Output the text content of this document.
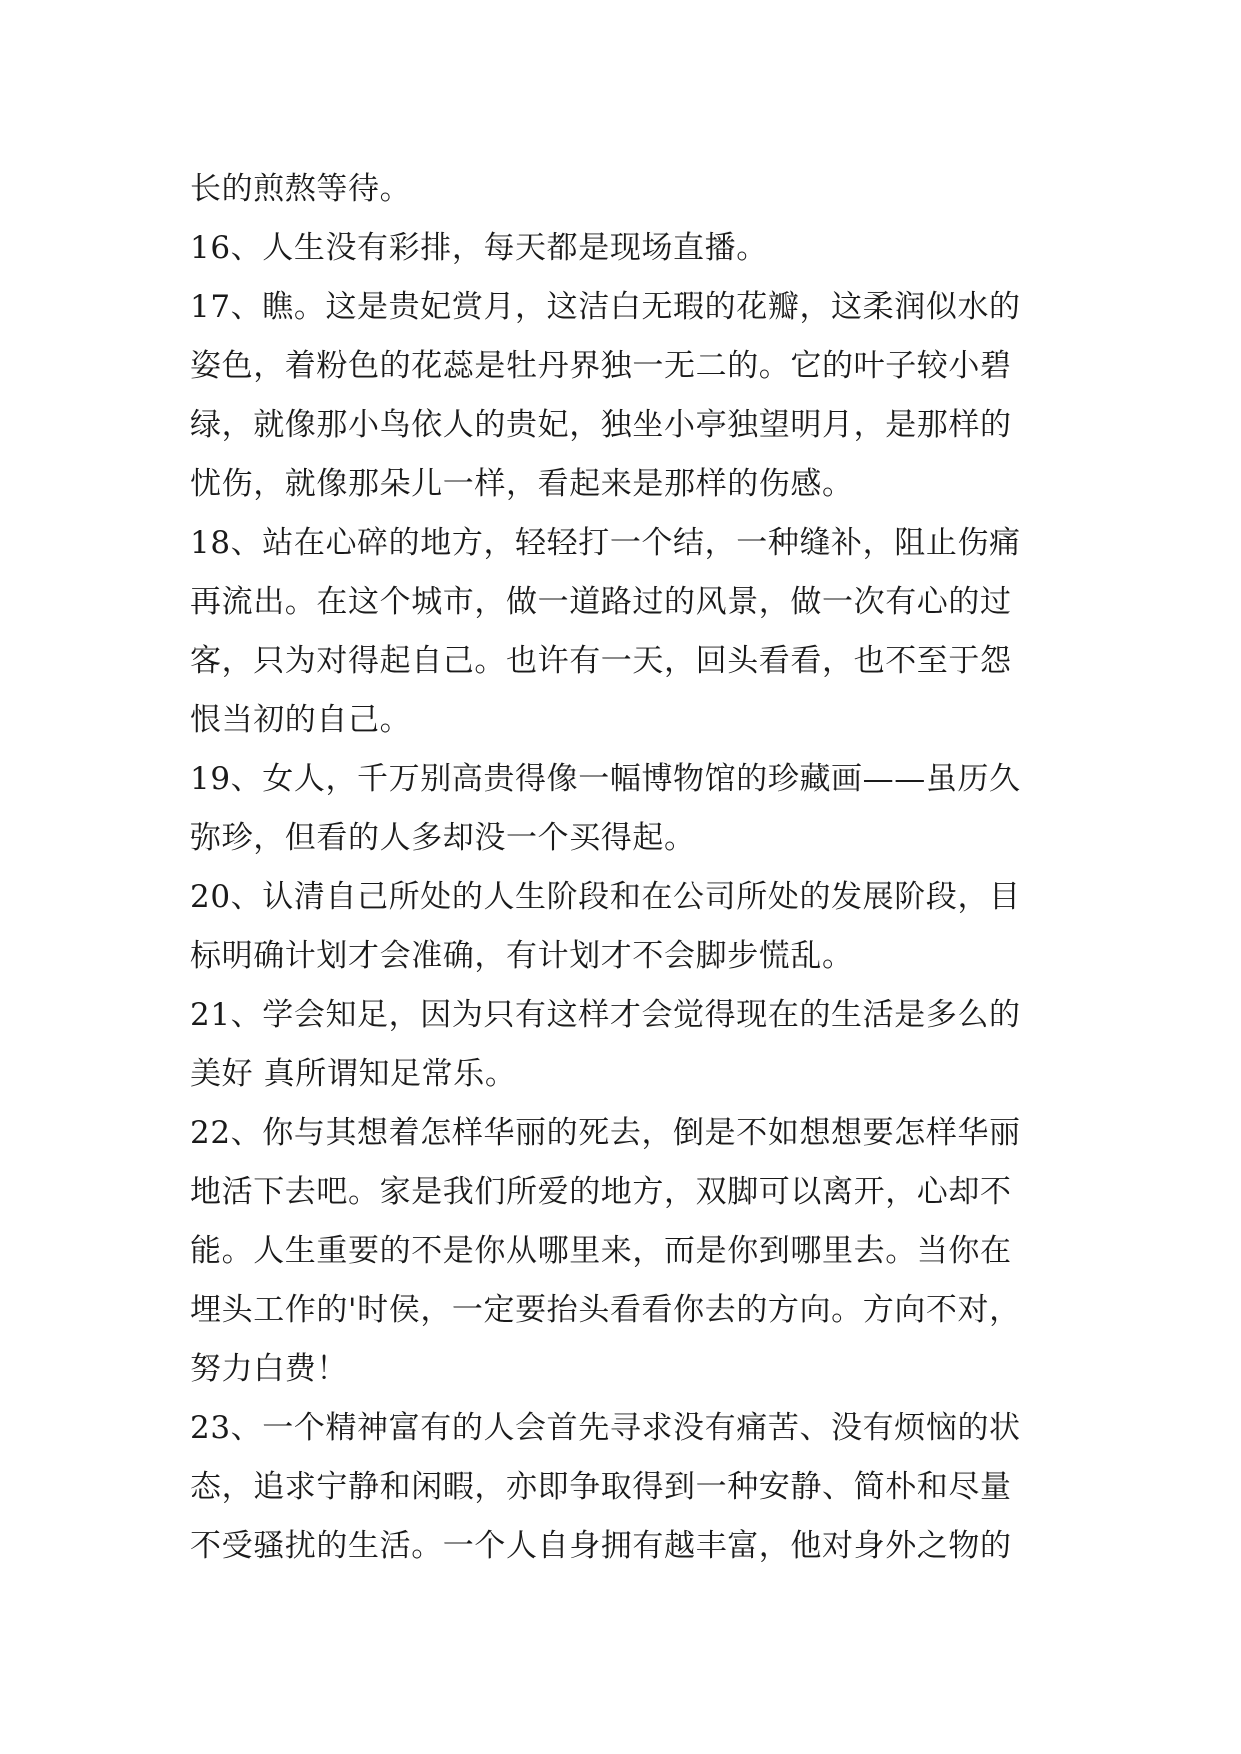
长的煎熬等待。
16、人生没有彩排，每天都是现场直播。
17、瞧。这是贵妃赏月，这洁白无瑕的花瓣，这柔润似水的
姿色，着粉色的花蕊是牡丹界独一无二的。它的叶子较小碧
绿，就像那小鸟依人的贵妃，独坐小亭独望明月，是那样的
忧伤，就像那朵儿一样，看起来是那样的伤感。
18、站在心碎的地方，轻轻打一个结，一种缝补，阻止伤痛
再流出。在这个城市，做一道路过的风景，做一次有心的过
客，只为对得起自己。也许有一天，回头看看，也不至于怨
恨当初的自己。
19、女人，千万别高贵得像一幅博物馆的珍藏画——虽历久
弥珍，但看的人多却没一个买得起。
20、认清自己所处的人生阶段和在公司所处的发展阶段，目
标明确计划才会准确，有计划才不会脚步慌乱。
21、学会知足，因为只有这样才会觉得现在的生活是多么的
美好 真所谓知足常乐。
22、你与其想着怎样华丽的死去，倒是不如想想要怎样华丽
地活下去吧。家是我们所爱的地方，双脚可以离开，心却不
能。人生重要的不是你从哪里来，而是你到哪里去。当你在
埋头工作的'时侯，一定要抬头看看你去的方向。方向不对，
努力白费！
23、一个精神富有的人会首先寻求没有痛苦、没有烦恼的状
态，追求宁静和闲暇，亦即争取得到一种安静、简朴和尽量
不受骚扰的生活。一个人自身拥有越丰富，他对身外之物的
